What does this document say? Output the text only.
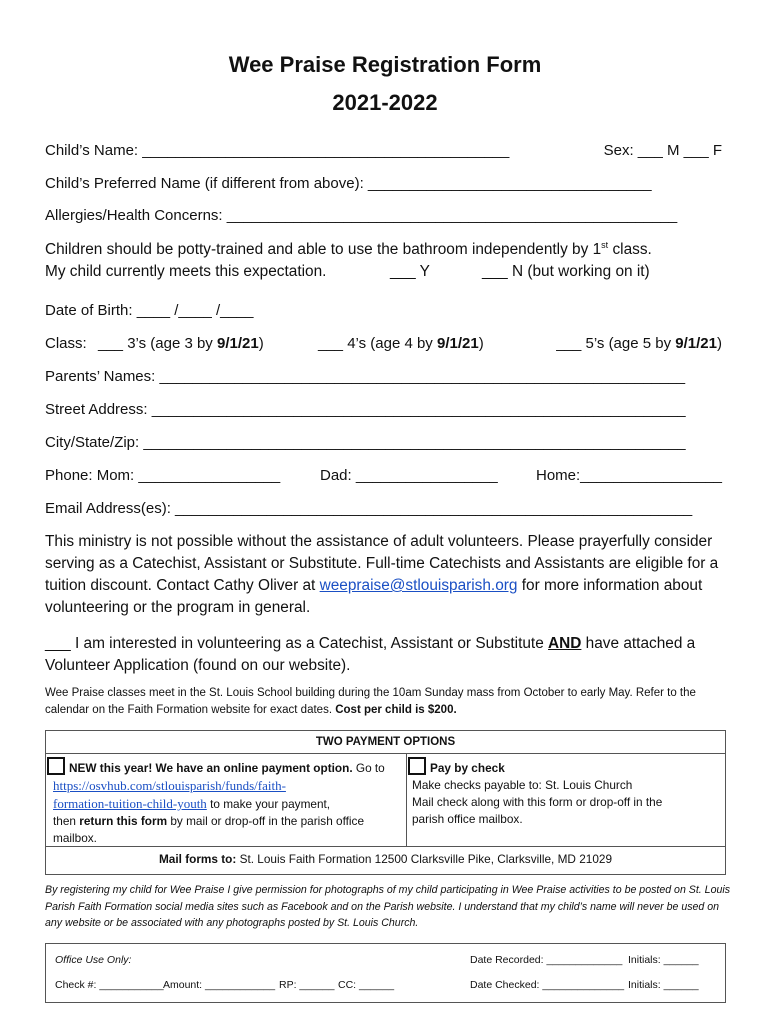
Wee Praise Registration Form
2021-2022
Child’s Name: ____________________________________________	Sex: ___ M ___ F
Child’s Preferred Name (if different from above): __________________________________
Allergies/Health Concerns: ______________________________________________________
Children should be potty-trained and able to use the bathroom independently by 1st class.
My child currently meets this expectation.	___ Y	___ N (but working on it)
Date of Birth: ____ /____ /____
Class: ___ 3’s (age 3 by 9/1/21)	___ 4’s (age 4 by 9/1/21)	___ 5’s (age 5 by 9/1/21)
Parents’ Names: _______________________________________________________________
Street Address: ________________________________________________________________
City/State/Zip: _________________________________________________________________
Phone: Mom: _________________	Dad: _________________	Home:_________________
Email Address(es): ______________________________________________________________
This ministry is not possible without the assistance of adult volunteers. Please prayerfully consider serving as a Catechist, Assistant or Substitute. Full-time Catechists and Assistants are eligible for a tuition discount. Contact Cathy Oliver at weepraise@stlouisparish.org for more information about volunteering or the program in general.
___ I am interested in volunteering as a Catechist, Assistant or Substitute AND have attached a Volunteer Application (found on our website).
Wee Praise classes meet in the St. Louis School building during the 10am Sunday mass from October to early May. Refer to the calendar on the Faith Formation website for exact dates. Cost per child is $200.
TWO PAYMENT OPTIONS
NEW this year! We have an online payment option. Go to
https://osvhub.com/stlouisparish/funds/faith-
formation-tuition-child-youth to make your payment,
then return this form by mail or drop-off in the parish office
mailbox.
Pay by check
Make checks payable to: St. Louis Church
Mail check along with this form or drop-off in the
parish office mailbox.
Mail forms to: St. Louis Faith Formation 12500 Clarksville Pike, Clarksville, MD 21029
By registering my child for Wee Praise I give permission for photographs of my child participating in Wee Praise activities to be posted on St. Louis Parish Faith Formation social media sites such as Facebook and on the Parish website. I understand that my child’s name will never be used on any website or be associated with any photographs posted by St. Louis Church.
Office Use Only:	Date Recorded: _____________ Initials: ______
Check #: ___________ Amount: ____________ RP: ______ CC: ______	Date Checked: ______________ Initials: ______
